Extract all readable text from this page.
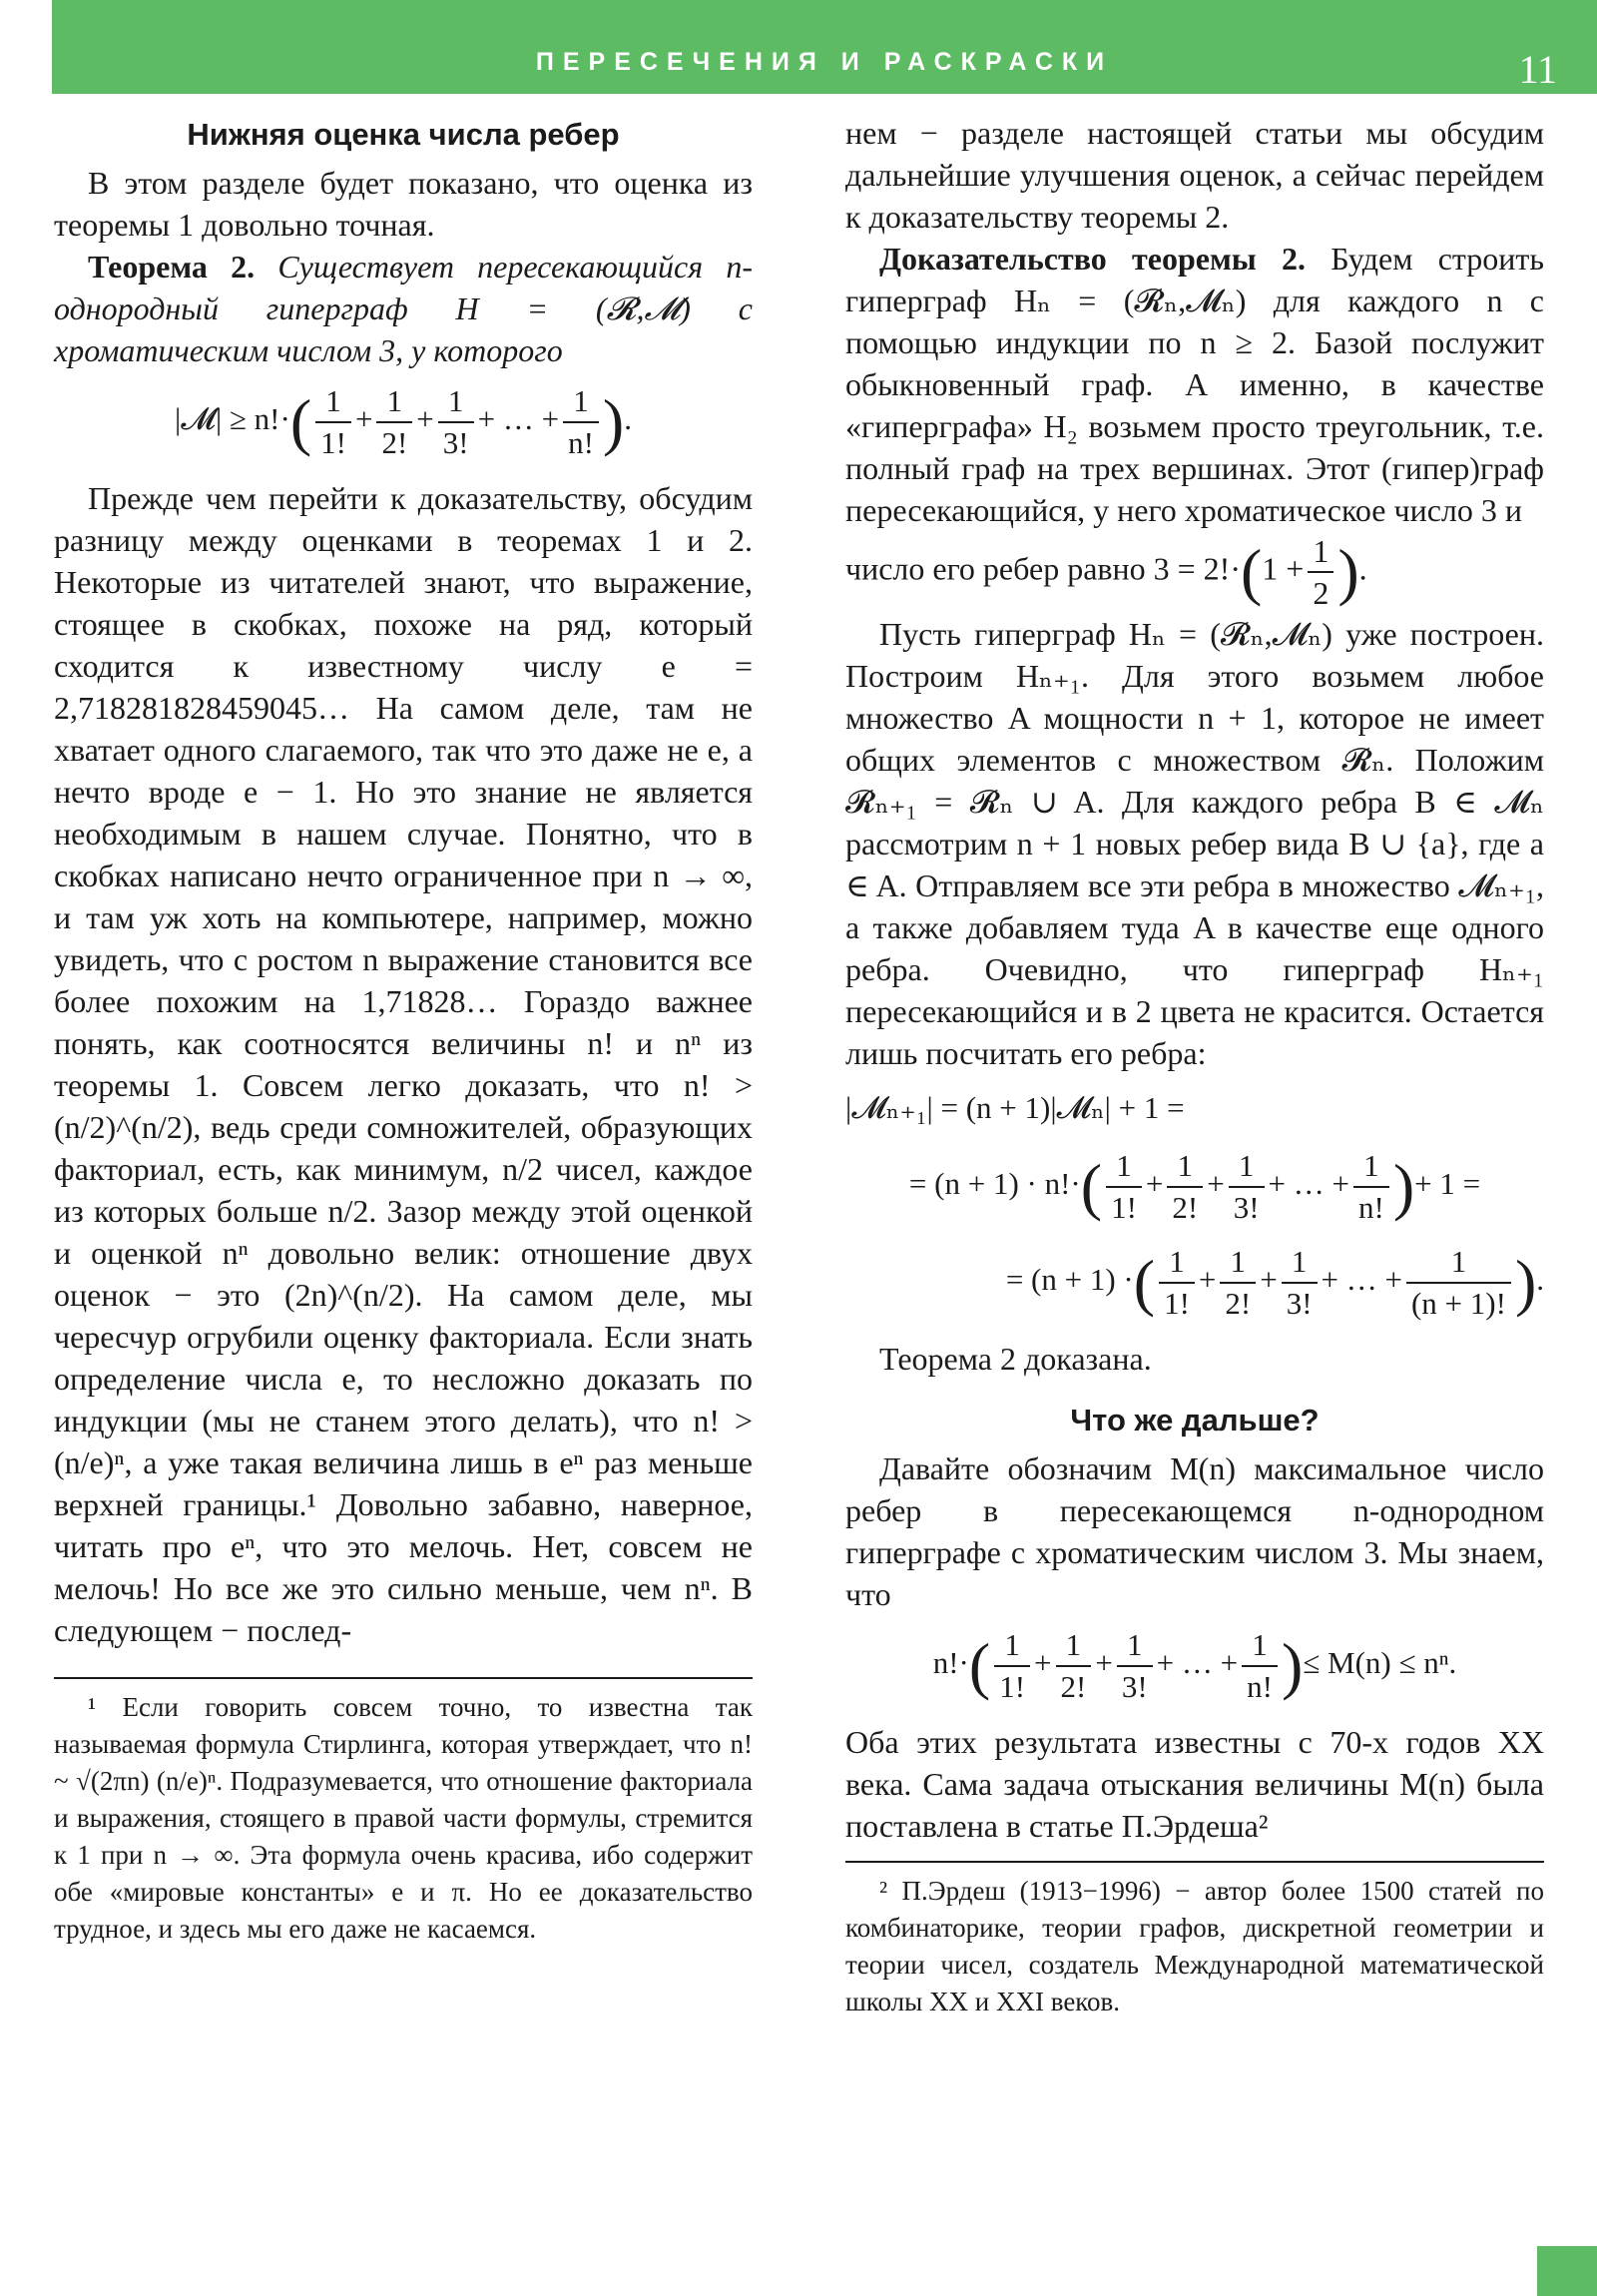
ПЕРЕСЕЧЕНИЯ И РАСКРАСКИ	11
Нижняя оценка числа ребер

В этом разделе будет показано, что оценка из теоремы 1 довольно точная.

Теорема 2. Существует пересекающийся n-однородный гиперграф H = (𝓡,𝓜) с хроматическим числом 3, у которого

|𝓜| ≥ $n!\cdot( \frac{1}{1!} + \frac{1}{2!} + \frac{1}{3!}$ + … + $\frac{1}{n!}$ ).

Прежде чем перейти к доказательству, обсудим разницу между оценками в теоремах 1 и 2. Некоторые из читателей знают, что выражение, стоящее в скобках, похоже на ряд, который сходится к известному числу e = 2,718281828459045… На самом деле, там не хватает одного слагаемого, так что это даже не e, а нечто вроде e − 1. Но это знание не является необходимым в нашем случае. Понятно, что в скобках написано нечто ограниченное при n → ∞, и там уж хоть на компьютере, например, можно увидеть, что с ростом n выражение становится все более похожим на 1,71828… Гораздо важнее понять, как соотносятся величины n! и nⁿ из теоремы 1. Совсем легко доказать, что n! > (n/2)^(n/2), ведь среди сомножителей, образующих факториал, есть, как минимум, n/2 чисел, каждое из которых больше n/2. Зазор между этой оценкой и оценкой nⁿ довольно велик: отношение двух оценок − это (2n)^(n/2). На самом деле, мы чересчур огрубили оценку факториала. Если знать определение числа e, то несложно доказать по индукции (мы не станем этого делать), что n! > (n/e)ⁿ, а уже такая величина лишь в eⁿ раз меньше верхней границы.¹ Довольно забавно, наверное, читать про eⁿ, что это мелочь. Нет, совсем не мелочь! Но все же это сильно меньше, чем nⁿ. В следующем − послед-

¹ Если говорить совсем точно, то известна так называемая формула Стирлинга, которая утверждает, что n! ~ √(2πn) (n/e)ⁿ. Подразумевается, что отношение факториала и выражения, стоящего в правой части формулы, стремится к 1 при n → ∞. Эта формула очень красива, ибо содержит обе «мировые константы» e и π. Но ее доказательство трудное, и здесь мы его даже не касаемся.

нем − разделе настоящей статьи мы обсудим дальнейшие улучшения оценок, а сейчас перейдем к доказательству теоремы 2.

Доказательство теоремы 2. Будем строить гиперграф Hₙ = (𝓡ₙ,𝓜ₙ) для каждого n с помощью индукции по n ≥ 2. Базой послужит обыкновенный граф. А именно, в качестве «гиперграфа» H₂ возьмем просто треугольник, т.е. полный граф на трех вершинах. Этот (гипер)граф пересекающийся, у него хроматическое число 3 и

число его ребер равно $3 = 2!\cdot(1 + \frac{1}{2}$ ).

Пусть гиперграф Hₙ = (𝓡ₙ,𝓜ₙ) уже построен. Построим Hₙ₊₁. Для этого возьмем любое множество A мощности n + 1, которое не имеет общих элементов с множеством 𝓡ₙ. Положим 𝓡ₙ₊₁ = 𝓡ₙ ∪ A. Для каждого ребра B ∈ 𝓜ₙ рассмотрим n + 1 новых ребер вида B ∪ {a}, где a ∈ A. Отправляем все эти ребра в множество 𝓜ₙ₊₁, а также добавляем туда A в качестве еще одного ребра. Очевидно, что гиперграф Hₙ₊₁ пересекающийся и в 2 цвета не красится. Остается лишь посчитать его ребра:

|𝓜ₙ₊₁| = (n + 1)|𝓜ₙ| + 1 =
= $(n + 1) \cdot n!\cdot( \frac{1}{1!} + \frac{1}{2!} + \frac{1}{3!}$ + … + $\frac{1}{n!}$ )+ 1 =
= (n + 1) ·( $\frac{1}{1!} + \frac{1}{2!} + \frac{1}{3!}$ + … + $\frac{1}{(n + 1)!}$ ).

Теорема 2 доказана.

Что же дальше?

Давайте обозначим M(n) максимальное число ребер в пересекающемся n-однородном гиперграфе с хроматическим числом 3. Мы знаем, что

$n!\cdot( \frac{1}{1!} + \frac{1}{2!} + \frac{1}{3!}$ + … + $\frac{1}{n!}$ )≤ M(n) ≤ nⁿ.

Оба этих результата известны с 70-х годов XX века. Сама задача отыскания величины M(n) была поставлена в статье П.Эрдеша²

² П.Эрдеш (1913−1996) − автор более 1500 статей по комбинаторике, теории графов, дискретной геометрии и теории чисел, создатель Международной математической школы XX и XXI веков.
